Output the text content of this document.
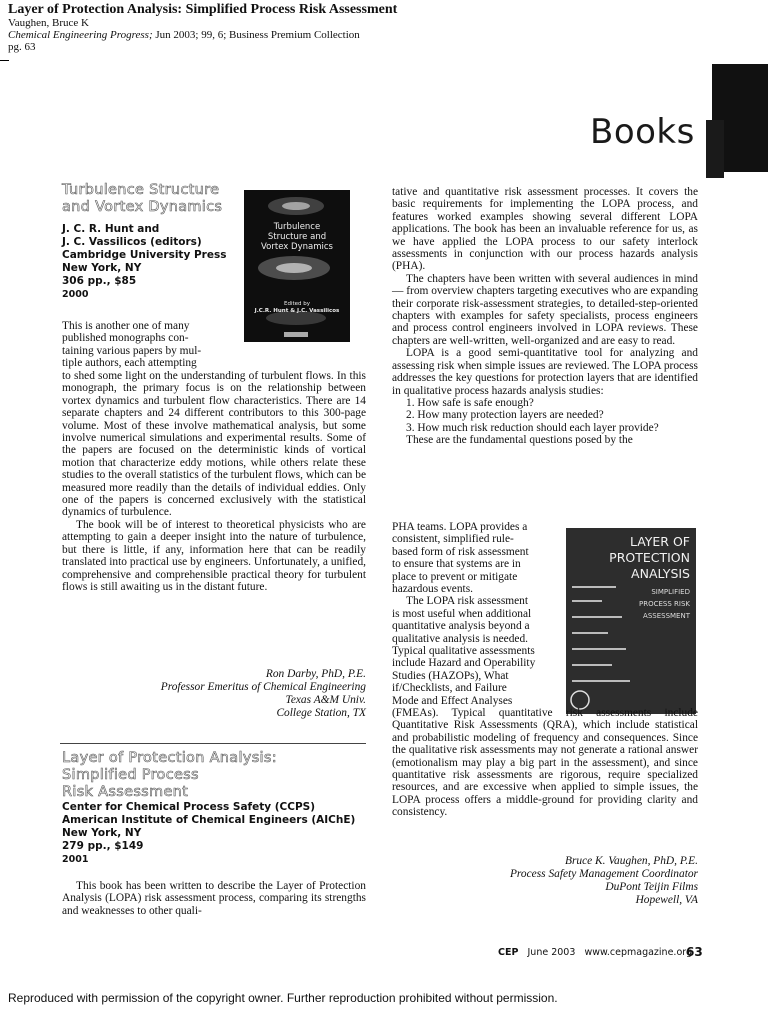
Layer of Protection Analysis: Simplified Process Risk Assessment
Vaughen, Bruce K
Chemical Engineering Progress; Jun 2003; 99, 6; Business Premium Collection
pg. 63
Books
Turbulence Structure
and Vortex Dynamics
J. C. R. Hunt and
J. C. Vassilicos (editors)
Cambridge University Press
New York, NY
306 pp., $85
2000
Turbulence
Structure and
Vortex Dynamics
Edited by
J.C.R. Hunt & J.C. Vassilicos
This is another one of many
published monographs con-
taining various papers by mul-
tiple authors, each attempting

to shed some light on the understanding of turbulent flows. In this monograph, the primary focus is on the relationship between vortex dynamics and turbulent flow characteristics. There are 14 separate chapters and 24 different contributors to this 300-page volume. Most of these involve mathematical analysis, but some involve numerical simulations and experimental results. Some of the papers are focused on the deterministic kinds of vortical motion that characterize eddy motions, while others relate these studies to the overall statistics of the turbulent flows, which can be measured more readily than the details of individual eddies. Only one of the papers is concerned exclusively with the statistical dynamics of turbulence.

The book will be of interest to theoretical physicists who are attempting to gain a deeper insight into the nature of turbulence, but there is little, if any, information here that can be readily translated into practical use by engineers. Unfortunately, a unified, comprehensive and comprehensible practical theory for turbulent flows is still awaiting us in the distant future.

Ron Darby, PhD, P.E.
Professor Emeritus of Chemical Engineering
Texas A&M Univ.
College Station, TX
Layer of Protection Analysis:
Simplified Process
Risk Assessment
Center for Chemical Process Safety (CCPS)
American Institute of Chemical Engineers (AIChE)
New York, NY
279 pp., $149
2001

This book has been written to describe the Layer of Protection Analysis (LOPA) risk assessment process, comparing its strengths and weaknesses to other quali-

tative and quantitative risk assessment processes. It covers the basic requirements for implementing the LOPA process, and features worked examples showing several different LOPA applications. The book has been an invaluable reference for us, as we have applied the LOPA process to our safety interlock assessments in conjunction with our process hazards analysis (PHA).

The chapters have been written with several audiences in mind — from overview chapters targeting executives who are expanding their corporate risk-assessment strategies, to detailed-step-oriented chapters with examples for safety specialists, process engineers and process control engineers involved in LOPA reviews. These chapters are well-written, well-organized and are easy to read.

LOPA is a good semi-quantitative tool for analyzing and assessing risk when simple issues are reviewed. The LOPA process addresses the key questions for protection layers that are identified in qualitative process hazards analysis studies:

1. How safe is safe enough?
2. How many protection layers are needed?
3. How much risk reduction should each layer provide?

These are the fundamental questions posed by the

PHA teams. LOPA provides a
consistent, simplified rule-
based form of risk assessment
to ensure that systems are in
place to prevent or mitigate
hazardous events.
The LOPA risk assessment
is most useful when additional
quantitative analysis beyond a
qualitative analysis is needed.
Typical qualitative assessments
include Hazard and Operability
Studies (HAZOPs), What
if/Checklists, and Failure
Mode and Effect Analyses
LAYER OF
PROTECTION
ANALYSIS
SIMPLIFIED
PROCESS RISK
ASSESSMENT

(FMEAs). Typical quantitative risk assessments include Quantitative Risk Assessments (QRA), which include statistical and probabilistic modeling of frequency and consequences. Since the qualitative risk assessments may not generate a rational answer (emotionalism may play a big part in the assessment), and since quantitative risk assessments are rigorous, require specialized resources, and are excessive when applied to simple issues, the LOPA process offers a middle-ground for providing clarity and consistency.

Bruce K. Vaughen, PhD, P.E.
Process Safety Management Coordinator
DuPont Teijin Films
Hopewell, VA
CEP June 2003 www.cepmagazine.org
63
Reproduced with permission of the copyright owner. Further reproduction prohibited without permission.
